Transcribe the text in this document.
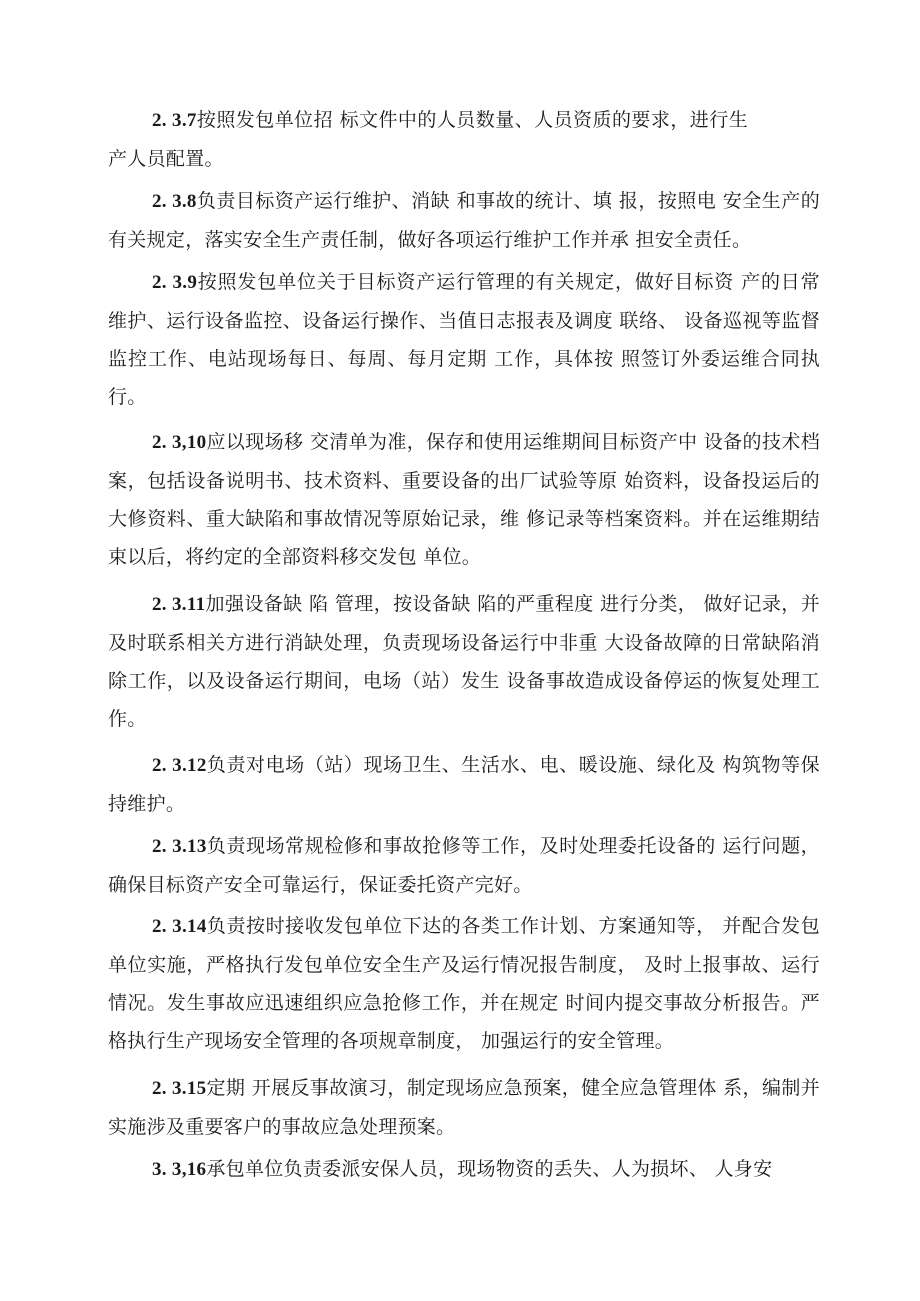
2. 3.7按照发包单位招 标文件中的人员数量、人员资质的要求，进行生产人员配置。

2. 3.8负责目标资产运行维护、消缺 和事故的统计、填 报，按照电 安全生产的有关规定，落实安全生产责任制，做好各项运行维护工作并承 担安全责任。

2. 3.9按照发包单位关于目标资产运行管理的有关规定，做好目标资 产的日常维护、运行设备监控、设备运行操作、当值日志报表及调度 联络、 设备巡视等监督监控工作、电站现场每日、每周、每月定期 工作，具体按 照签订外委运维合同执行。

2. 3,10应以现场移 交清单为准，保存和使用运维期间目标资产中 设备的技术档案，包括设备说明书、技术资料、重要设备的出厂试验等原 始资料，设备投运后的大修资料、重大缺陷和事故情况等原始记录，维 修记录等档案资料。并在运维期结束以后，将约定的全部资料移交发包 单位。

2. 3.11加强设备缺 陷 管理，按设备缺 陷的严重程度 进行分类， 做好记录，并及时联系相关方进行消缺处理，负责现场设备运行中非重 大设备故障的日常缺陷消除工作，以及设备运行期间，电场（站）发生 设备事故造成设备停运的恢复处理工作。

2. 3.12负责对电场（站）现场卫生、生活水、电、暖设施、绿化及 构筑物等保持维护。

2. 3.13负责现场常规检修和事故抢修等工作，及时处理委托设备的 运行问题，确保目标资产安全可靠运行，保证委托资产完好。

2. 3.14负责按时接收发包单位下达的各类工作计划、方案通知等， 并配合发包单位实施，严格执行发包单位安全生产及运行情况报告制度， 及时上报事故、运行情况。发生事故应迅速组织应急抢修工作，并在规定 时间内提交事故分析报告。严格执行生产现场安全管理的各项规章制度， 加强运行的安全管理。

2. 3.15定期 开展反事故演习，制定现场应急预案，健全应急管理体 系，编制并实施涉及重要客户的事故应急处理预案。

3. 3,16承包单位负责委派安保人员，现场物资的丢失、人为损坏、 人身安
